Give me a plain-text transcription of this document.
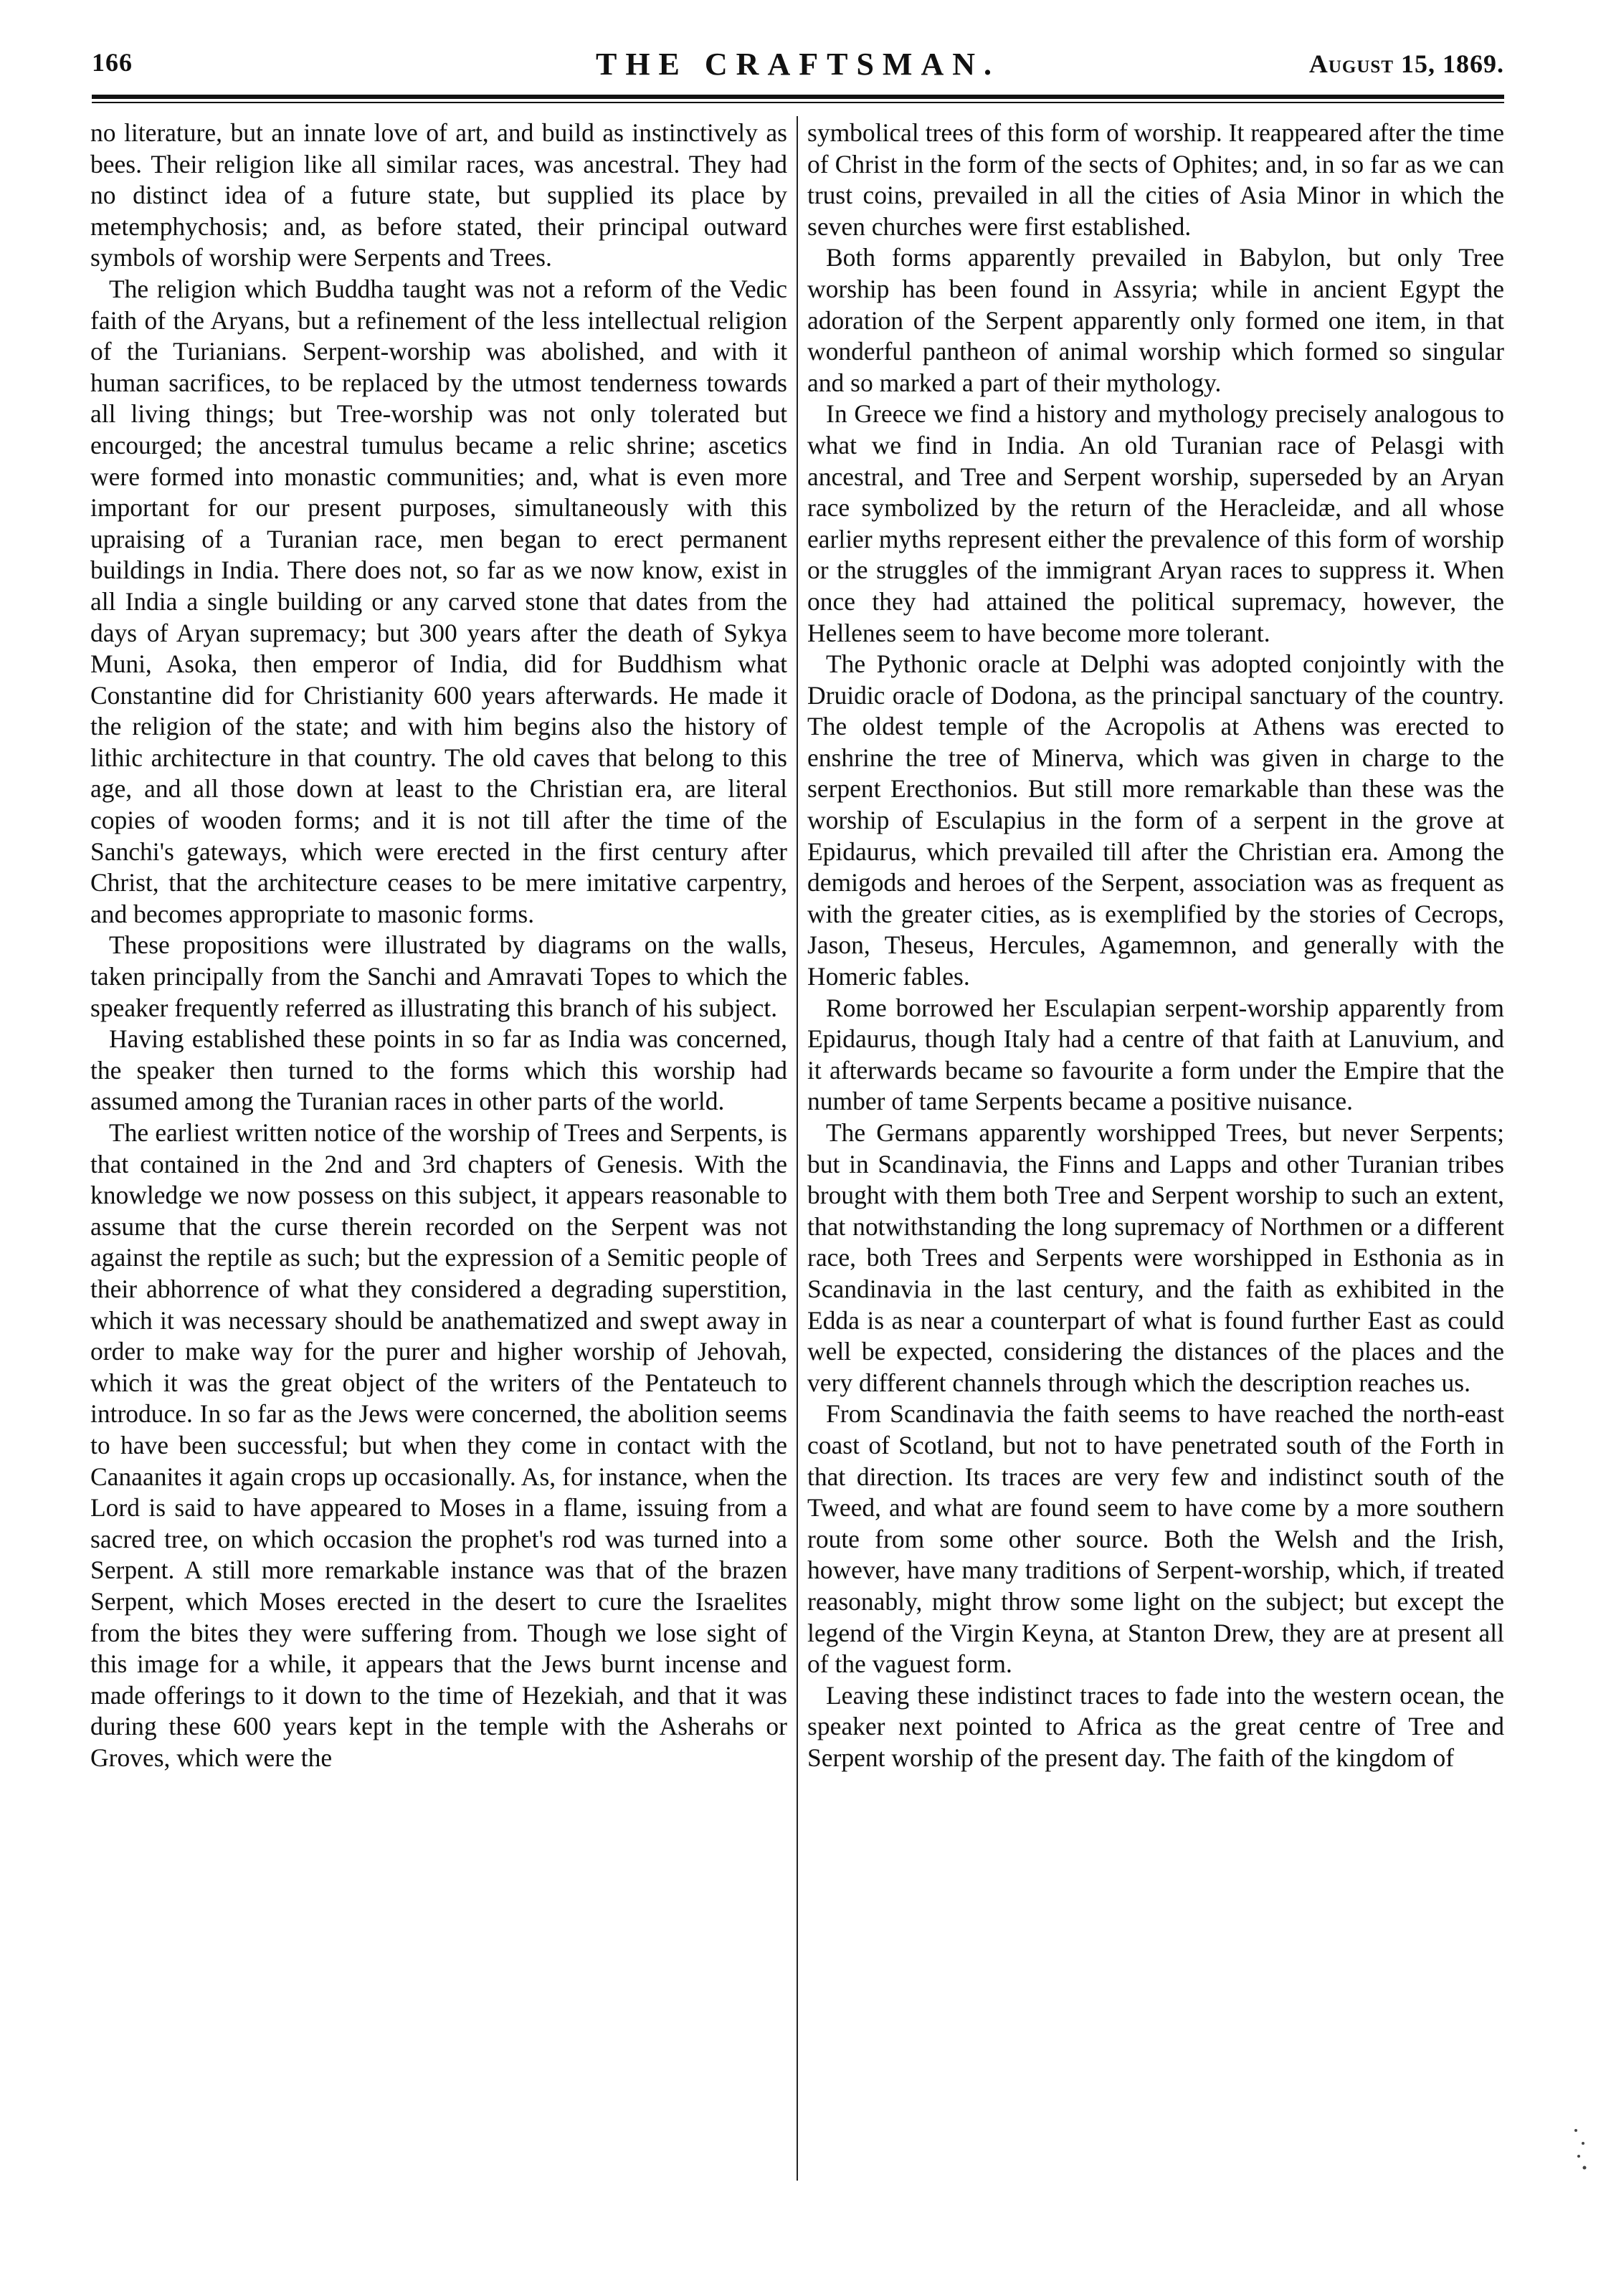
166	THE CRAFTSMAN.	August 15, 1869.

no literature, but an innate love of art, and build as instinctively as bees. Their religion like all similar races, was ancestral. They had no distinct idea of a future state, but supplied its place by metemphychosis; and, as before stated, their principal outward symbols of worship were Serpents and Trees.

The religion which Buddha taught was not a reform of the Vedic faith of the Aryans, but a refinement of the less intellectual religion of the Turianians. Serpent-worship was abolished, and with it human sacrifices, to be replaced by the utmost tenderness towards all living things; but Tree-worship was not only tolerated but encourged; the ancestral tumulus became a relic shrine; ascetics were formed into monastic communities; and, what is even more important for our present purposes, simultaneously with this upraising of a Turanian race, men began to erect permanent buildings in India. There does not, so far as we now know, exist in all India a single building or any carved stone that dates from the days of Aryan supremacy; but 300 years after the death of Sykya Muni, Asoka, then emperor of India, did for Buddhism what Constantine did for Christianity 600 years afterwards. He made it the religion of the state; and with him begins also the history of lithic architecture in that country. The old caves that belong to this age, and all those down at least to the Christian era, are literal copies of wooden forms; and it is not till after the time of the Sanchi's gateways, which were erected in the first century after Christ, that the architecture ceases to be mere imitative carpentry, and becomes appropriate to masonic forms.

These propositions were illustrated by diagrams on the walls, taken principally from the Sanchi and Amravati Topes to which the speaker frequently referred as illustrating this branch of his subject.

Having established these points in so far as India was concerned, the speaker then turned to the forms which this worship had assumed among the Turanian races in other parts of the world.

The earliest written notice of the worship of Trees and Serpents, is that contained in the 2nd and 3rd chapters of Genesis. With the knowledge we now possess on this subject, it appears reasonable to assume that the curse therein recorded on the Serpent was not against the reptile as such; but the expression of a Semitic people of their abhorrence of what they considered a degrading superstition, which it was necessary should be anathematized and swept away in order to make way for the purer and higher worship of Jehovah, which it was the great object of the writers of the Pentateuch to introduce. In so far as the Jews were concerned, the abolition seems to have been successful; but when they come in contact with the Canaanites it again crops up occasionally. As, for instance, when the Lord is said to have appeared to Moses in a flame, issuing from a sacred tree, on which occasion the prophet's rod was turned into a Serpent. A still more remarkable instance was that of the brazen Serpent, which Moses erected in the desert to cure the Israelites from the bites they were suffering from. Though we lose sight of this image for a while, it appears that the Jews burnt incense and made offerings to it down to the time of Hezekiah, and that it was during these 600 years kept in the temple with the Asherahs or Groves, which were the

symbolical trees of this form of worship. It reappeared after the time of Christ in the form of the sects of Ophites; and, in so far as we can trust coins, prevailed in all the cities of Asia Minor in which the seven churches were first established.

Both forms apparently prevailed in Babylon, but only Tree worship has been found in Assyria; while in ancient Egypt the adoration of the Serpent apparently only formed one item, in that wonderful pantheon of animal worship which formed so singular and so marked a part of their mythology.

In Greece we find a history and mythology precisely analogous to what we find in India. An old Turanian race of Pelasgi with ancestral, and Tree and Serpent worship, superseded by an Aryan race symbolized by the return of the Heracleidæ, and all whose earlier myths represent either the prevalence of this form of worship or the struggles of the immigrant Aryan races to suppress it. When once they had attained the political supremacy, however, the Hellenes seem to have become more tolerant.

The Pythonic oracle at Delphi was adopted conjointly with the Druidic oracle of Dodona, as the principal sanctuary of the country. The oldest temple of the Acropolis at Athens was erected to enshrine the tree of Minerva, which was given in charge to the serpent Erecthonios. But still more remarkable than these was the worship of Esculapius in the form of a serpent in the grove at Epidaurus, which prevailed till after the Christian era. Among the demigods and heroes of the Serpent, association was as frequent as with the greater cities, as is exemplified by the stories of Cecrops, Jason, Theseus, Hercules, Agamemnon, and generally with the Homeric fables.

Rome borrowed her Esculapian serpent-worship apparently from Epidaurus, though Italy had a centre of that faith at Lanuvium, and it afterwards became so favourite a form under the Empire that the number of tame Serpents became a positive nuisance.

The Germans apparently worshipped Trees, but never Serpents; but in Scandinavia, the Finns and Lapps and other Turanian tribes brought with them both Tree and Serpent worship to such an extent, that notwithstanding the long supremacy of Northmen or a different race, both Trees and Serpents were worshipped in Esthonia as in Scandinavia in the last century, and the faith as exhibited in the Edda is as near a counterpart of what is found further East as could well be expected, considering the distances of the places and the very different channels through which the description reaches us.

From Scandinavia the faith seems to have reached the north-east coast of Scotland, but not to have penetrated south of the Forth in that direction. Its traces are very few and indistinct south of the Tweed, and what are found seem to have come by a more southern route from some other source. Both the Welsh and the Irish, however, have many traditions of Serpent-worship, which, if treated reasonably, might throw some light on the subject; but except the legend of the Virgin Keyna, at Stanton Drew, they are at present all of the vaguest form.

Leaving these indistinct traces to fade into the western ocean, the speaker next pointed to Africa as the great centre of Tree and Serpent worship of the present day. The faith of the kingdom of
